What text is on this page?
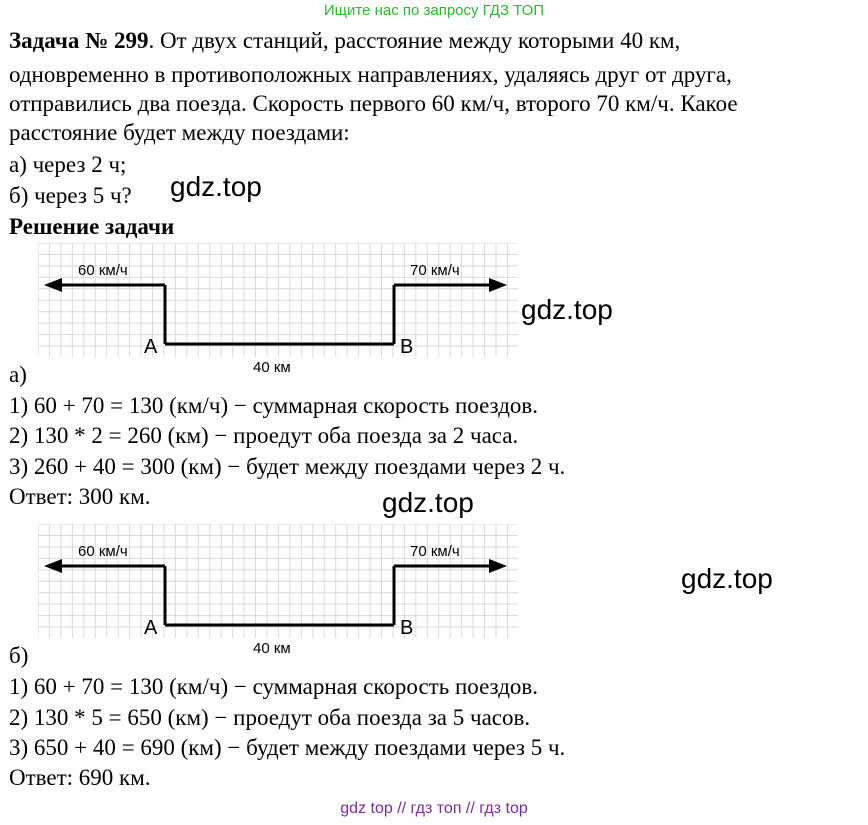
Ищите нас по запросу ГДЗ ТОП
Задача № 299. От двух станций, расстояние между которыми 40 км,
одновременно в противоположных направлениях, удаляясь друг от друга,
отправились два поезда. Скорость первого 60 км/ч, второго 70 км/ч. Какое
расстояние будет между поездами:
а) через 2 ч;
б) через 5 ч?
Решение задачи
gdz.top
gdz.top
gdz.top
gdz.top
60 км/ч	70 км/ч
A	B
40 км
а)
1) 60 + 70 = 130 (км/ч) − суммарная скорость поездов.
2) 130 * 2 = 260 (км) − проедут оба поезда за 2 часа.
3) 260 + 40 = 300 (км) − будет между поездами через 2 ч.
Ответ: 300 км.
60 км/ч	70 км/ч
A	B
40 км
б)
1) 60 + 70 = 130 (км/ч) − суммарная скорость поездов.
2) 130 * 5 = 650 (км) − проедут оба поезда за 5 часов.
3) 650 + 40 = 690 (км) − будет между поездами через 5 ч.
Ответ: 690 км.
gdz top // гдз топ // гдз top
